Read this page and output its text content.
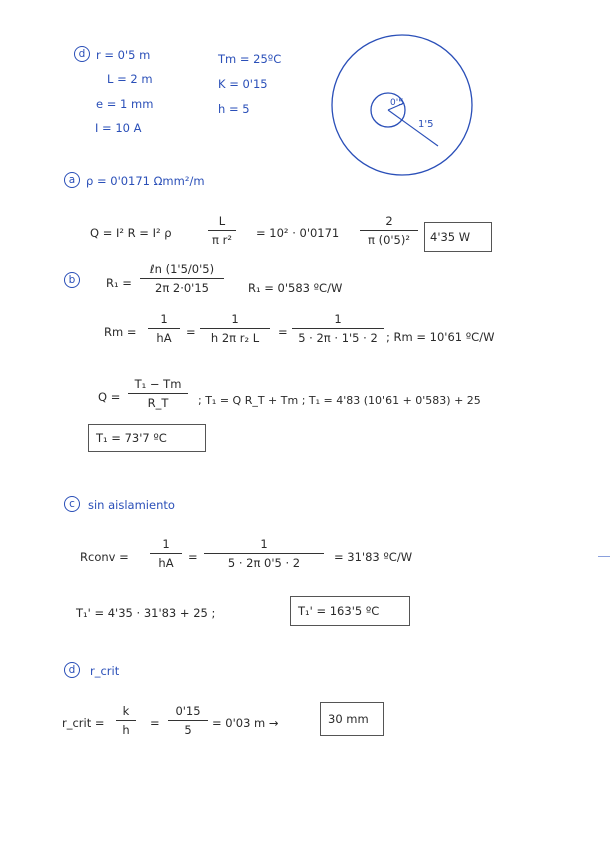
d r = 0'5 m
L = 2 m
e = 1 mm
I = 10 A
Tm = 25ºC
K = 0'15
h = 5	0'5
1'5
a ρ = 0'0171 Ωmm²/m
Q = I² R = I² ρ
L
π r²	= 10² · 0'0171
2
π (0'5)²	4'35 W
b	R₁ =
ℓn (1'5/0'5)
2π 2·0'15	R₁ = 0'583 ºC/W
Rm =
1
hA	=
1
h 2π r₂ L	=
1
5 · 2π · 1'5 · 2 ; Rm = 10'61 ºC/W
Q =
T₁ − Tm
R_T	; T₁ = Q R_T + Tm ; T₁ = 4'83 (10'61 + 0'583) + 25
T₁ = 73'7 ºC
c	sin aislamiento
Rconv =
1
hA	=
1
5 · 2π 0'5 · 2	= 31'83 ºC/W
T₁' = 4'35 · 31'83 + 25 ;	T₁' = 163'5 ºC
d	r_crit
r_crit =
k
h	=
0'15
5	= 0'03 m →	30 mm
